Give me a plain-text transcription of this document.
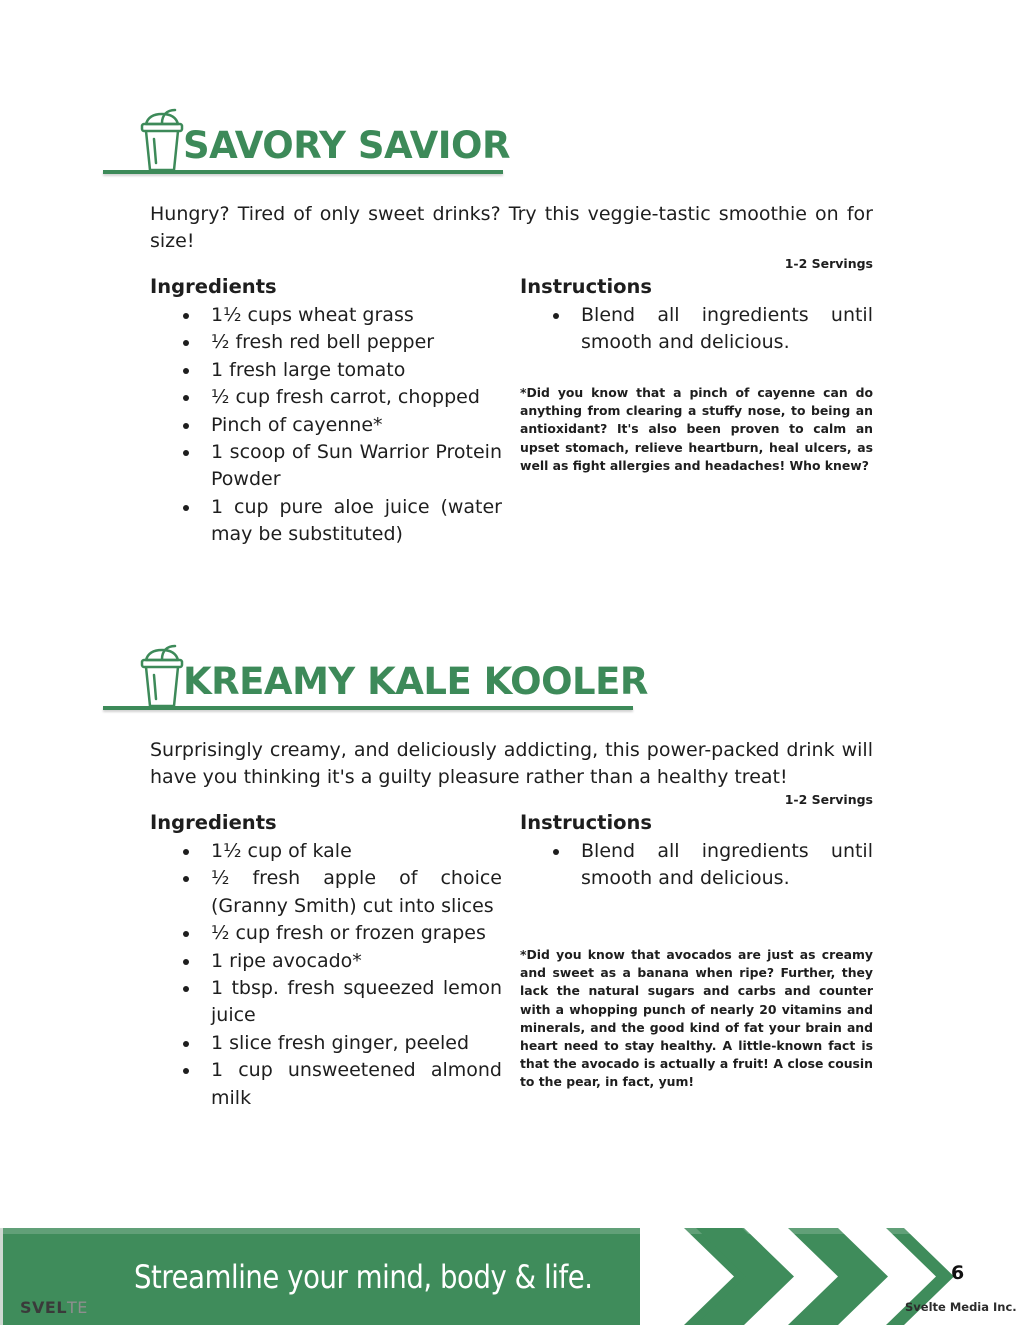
SAVORY SAVIOR

Hungry? Tired of only sweet drinks? Try this veggie-tastic smoothie on for size!

1-2 Servings
Ingredients	Instructions
1½ cups wheat grass
½ fresh red bell pepper
1 fresh large tomato
½ cup fresh carrot, chopped
Pinch of cayenne*
1 scoop of Sun Warrior Protein Powder
1 cup pure aloe juice (water may be substituted)
Blend all ingredients until smooth and delicious.

*Did you know that a pinch of cayenne can do anything from clearing a stuffy nose, to being an antioxidant? It's also been proven to calm an upset stomach, relieve heartburn, heal ulcers, as well as fight allergies and headaches! Who knew?

KREAMY KALE KOOLER

Surprisingly creamy, and deliciously addicting, this power-packed drink will have you thinking it's a guilty pleasure rather than a healthy treat!

1-2 Servings
Ingredients	Instructions
1½ cup of kale
½ fresh apple of choice (Granny Smith) cut into slices
½ cup fresh or frozen grapes
1 ripe avocado*
1 tbsp. fresh squeezed lemon juice
1 slice fresh ginger, peeled
1 cup unsweetened almond milk
Blend all ingredients until smooth and delicious.

*Did you know that avocados are just as creamy and sweet as a banana when ripe? Further, they lack the natural sugars and carbs and counter with a whopping punch of nearly 20 vitamins and minerals, and the good kind of fat your brain and heart need to stay healthy. A little-known fact is that the avocado is actually a fruit! A close cousin to the pear, in fact, yum!

Streamline your mind, body & life.
SVELTE
6
Svelte Media Inc.
